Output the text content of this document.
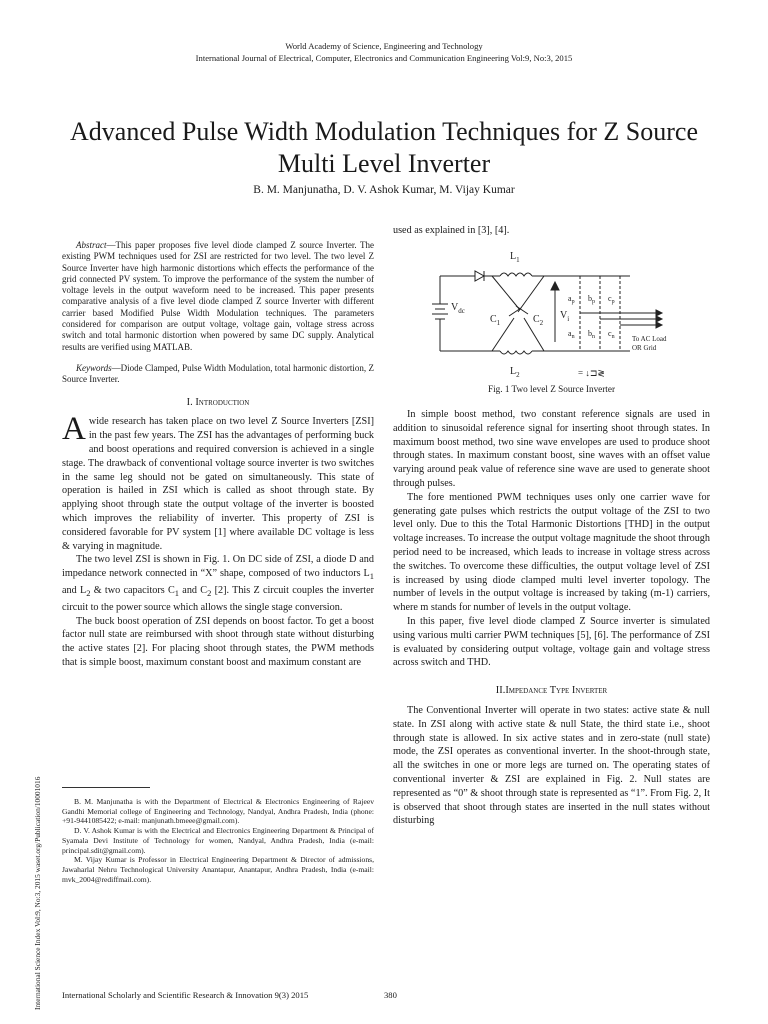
World Academy of Science, Engineering and Technology
International Journal of Electrical, Computer, Electronics and Communication Engineering Vol:9, No:3, 2015
Advanced Pulse Width Modulation Techniques for Z Source Multi Level Inverter
B. M. Manjunatha, D. V. Ashok Kumar, M. Vijay Kumar
International Science Index Vol:9, No:3, 2015 waset.org/Publication/10001016

Abstract—This paper proposes five level diode clamped Z source Inverter. The existing PWM techniques used for ZSI are restricted for two level. The two level Z Source Inverter have high harmonic distortions which effects the performance of the grid connected PV system. To improve the performance of the system the number of voltage levels in the output waveform need to be increased. This paper presents comparative analysis of a five level diode clamped Z source Inverter with different carrier based Modified Pulse Width Modulation techniques. The parameters considered for comparison are output voltage, voltage gain, voltage stress across switch and total harmonic distortion when powered by same DC supply. Analytical results are verified using MATLAB.

Keywords—Diode Clamped, Pulse Width Modulation, total harmonic distortion, Z Source Inverter.

I. Introduction

Awide research has taken place on two level Z Source Inverters [ZSI] in the past few years. The ZSI has the advantages of performing buck and boost operations and required conversion is achieved in a single stage. The drawback of conventional voltage source inverter is two switches in the same leg should not be gated on simultaneously. This state of operation is hailed in ZSI which is called as shoot through state. By applying shoot through state the output voltage of the inverter is boosted which improves the reliability of inverter. This property of ZSI is considered favorable for PV system [1] where available DC voltage is less & varying in magnitude.

The two level ZSI is shown in Fig. 1. On DC side of ZSI, a diode D and impedance network connected in “X” shape, composed of two inductors $L_1$ and $L_2$ & two capacitors $C_1$ and $C_2$ [2]. This Z circuit couples the inverter circuit to the power source which allows the single stage conversion.

The buck boost operation of ZSI depends on boost factor. To get a boost factor null state are reimbursed with shoot through state without disturbing the active states [2]. For placing shoot through states, the PWM methods that is simple boost, maximum constant boost and maximum constant are

B. M. Manjunatha is with the Department of Electrical & Electronics Engineering of Rajeev Gandhi Memorial college of Engineering and Technology, Nandyal, Andhra Pradesh, India (phone: +91-9441085422; e-mail: manjunath.bmeee@gmail.com).

D. V. Ashok Kumar is with the Electrical and Electronics Engineering Department & Principal of Syamala Devi Institute of Technology for women, Nandyal, Andhra Pradesh, India (e-mail: principal.sdit@gmail.com).

M. Vijay Kumar is Professor in Electrical Engineering Department & Director of admissions, Jawaharlal Nehru Technological University Anantapur, Anantapur, Andhra Pradesh, India (e-mail: mvk_2004@rediffmail.com).

used as explained in [3], [4].

$V_{dc}$
$L_1$
$L_2$
$C_1$	$C_2$
$V_i$
$a_p$ $b_p$ $c_p$
$a_n$ $b_n$ $c_n$ To AC Load
OR Grid
= ↓⊐≷
Fig. 1 Two level Z Source Inverter

In simple boost method, two constant reference signals are used in addition to sinusoidal reference signal for inserting shoot through states. In maximum boost method, two sine wave envelopes are used to produce shoot through states. In maximum constant boost, sine waves with an offset value varying around peak value of reference sine wave are used to generate shoot through pulses.

The fore mentioned PWM techniques uses only one carrier wave for generating gate pulses which restricts the output voltage of the ZSI to two level only. Due to this the Total Harmonic Distortions [THD] in the output voltage increases. To increase the output voltage magnitude the shoot through period need to be increased, which leads to increase in voltage stress across the switches. To overcome these difficulties, the output voltage level of ZSI is increased by using diode clamped multi level inverter topology. The number of levels in the output voltage is increased by taking (m-1) carriers, where m stands for number of levels in the output voltage.

In this paper, five level diode clamped Z Source inverter is simulated using various multi carrier PWM techniques [5], [6]. The performance of ZSI is evaluated by considering output voltage, voltage gain and voltage stress across switch and THD.

II.Impedance Type Inverter

The Conventional Inverter will operate in two states: active state & null state. In ZSI along with active state & null State, the third state i.e., shoot through state is allowed. In six active states and in zero-state (null state) mode, the ZSI operates as conventional inverter. In the shoot-through state, all the switches in one or more legs are turned on. The operating states of conventional inverter & ZSI are explained in Fig. 2. Null states are represented as “0” & shoot through state is represented as “1”. From Fig. 2, It is observed that shoot through states are inserted in the null states without disturbing

International Scholarly and Scientific Research & Innovation 9(3) 2015	380
